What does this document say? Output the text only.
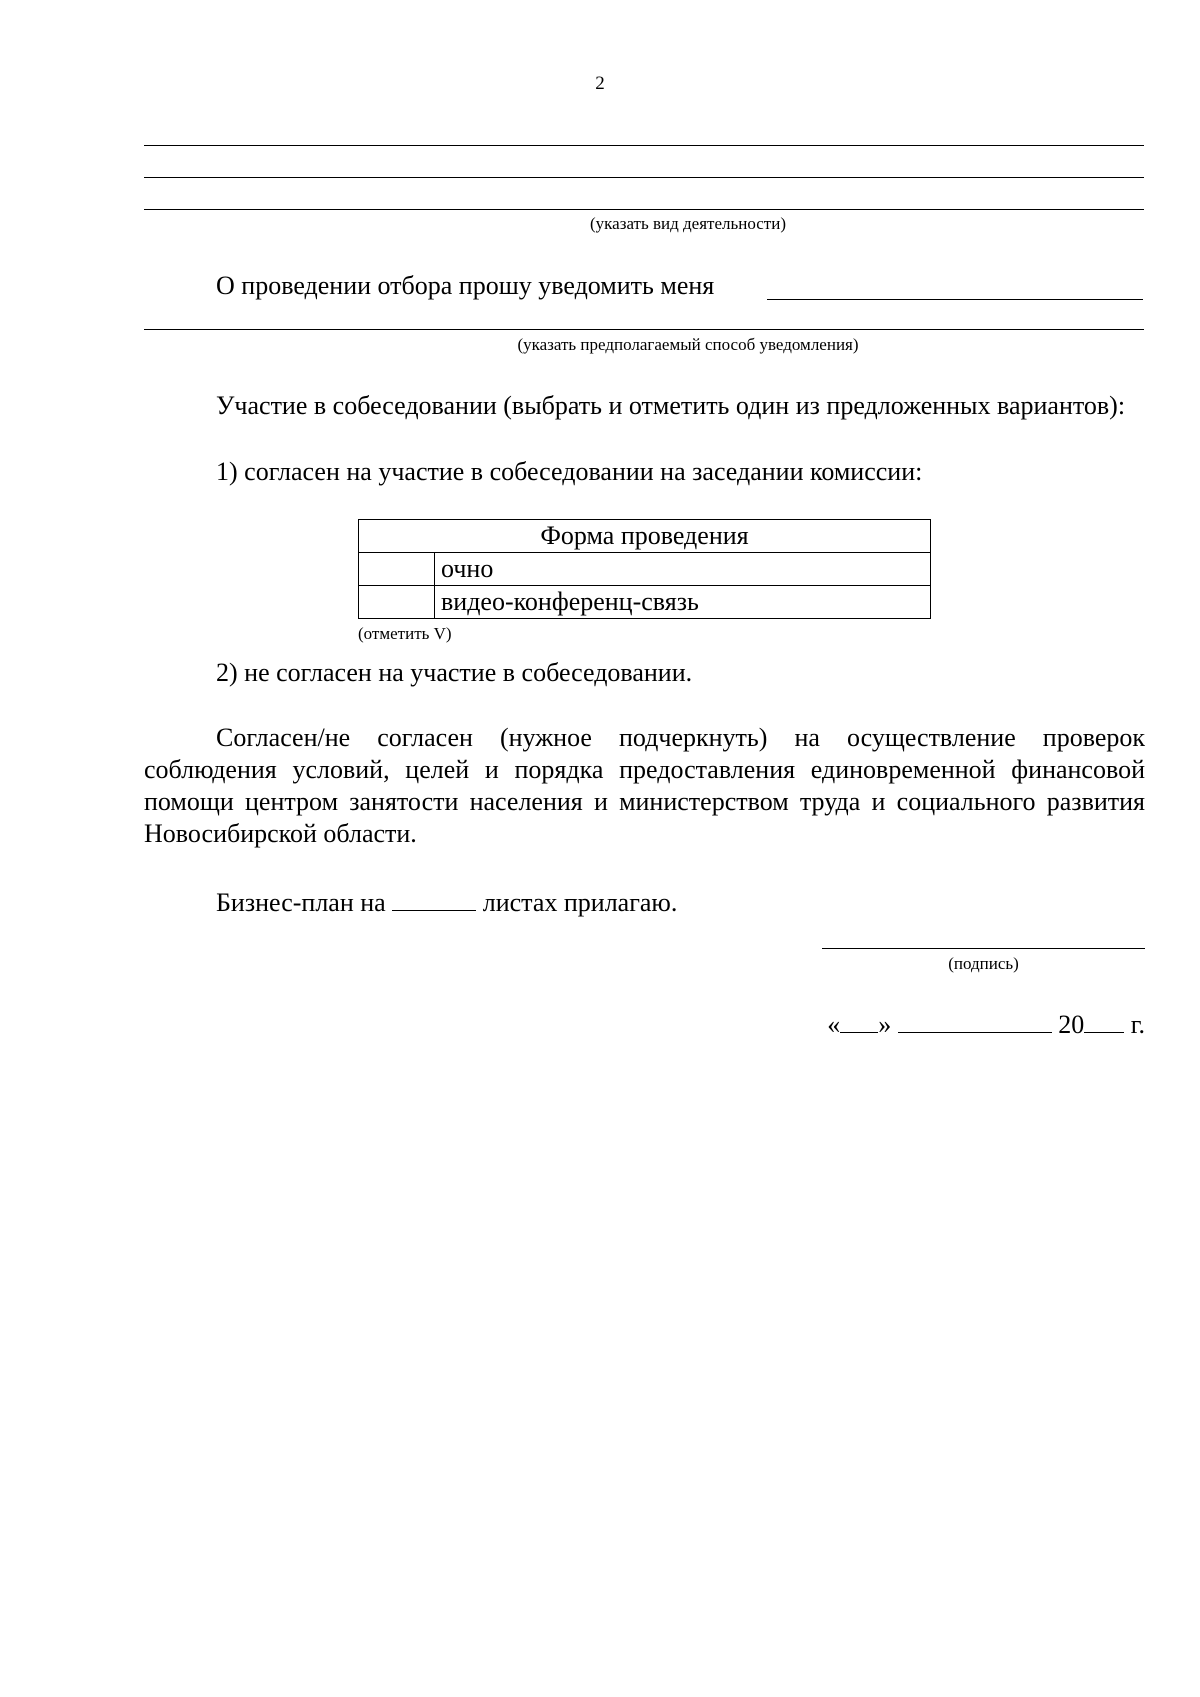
2
(указать вид деятельности)
О проведении отбора прошу уведомить меня
(указать предполагаемый способ уведомления)
Участие в собеседовании (выбрать и отметить один из предложенных вариантов):
1) согласен на участие в собеседовании на заседании комиссии:
Форма проведения	
	очно
	видео-конференц-связь
(отметить V)
2) не согласен на участие в собеседовании.
Согласен/не согласен (нужное подчеркнуть) на осуществление проверок соблюдения условий, целей и порядка предоставления единовременной финансовой помощи центром занятости населения и министерством труда и социального развития Новосибирской области.
Бизнес-план на	листах прилагаю.
(подпись)
« »	20 г.
